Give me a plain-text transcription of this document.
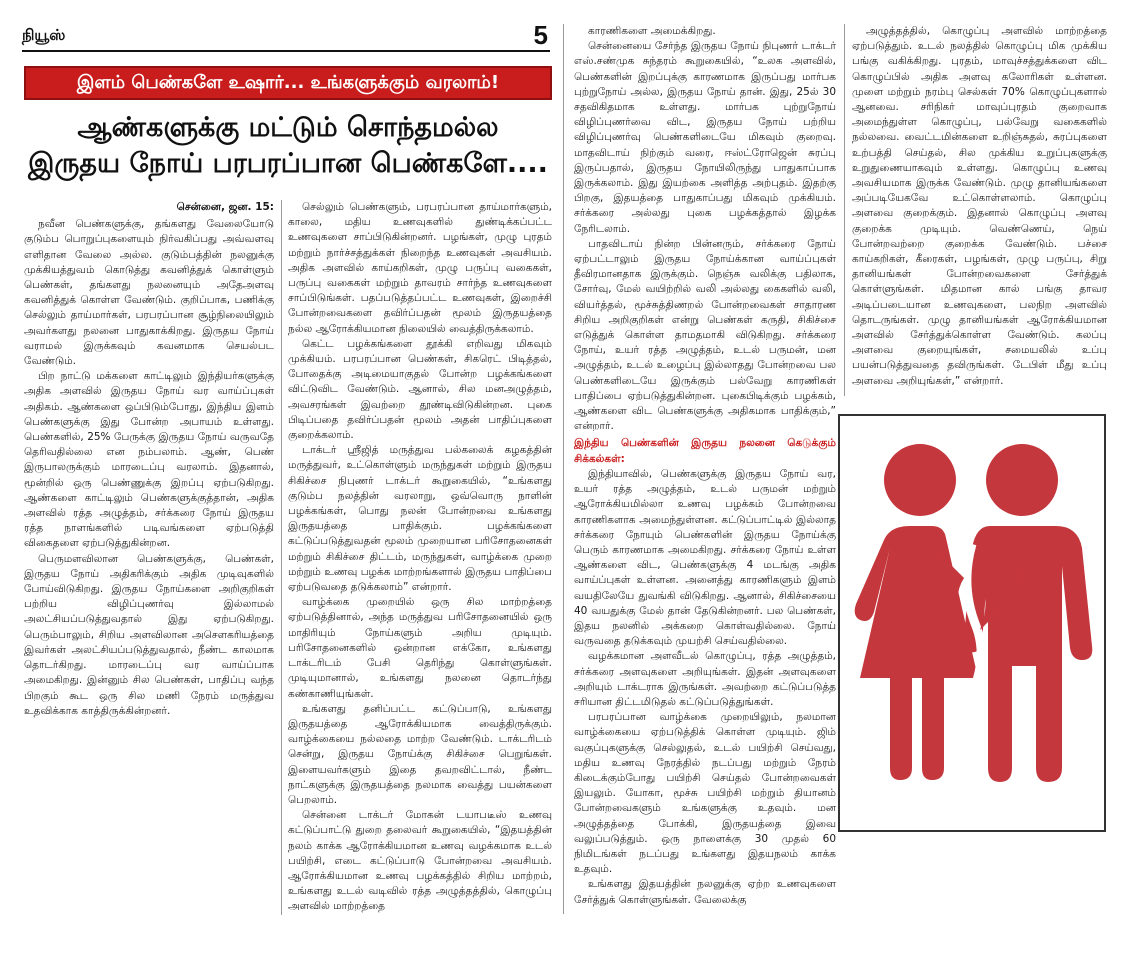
நியூஸ்	5
இளம் பெண்களே உஷார்... உங்களுக்கும் வரலாம்!
ஆண்களுக்கு மட்டும் சொந்தமல்ல
இருதய நோய் பரபரப்பான பெண்களே....
சென்னை, ஜன. 15:

நவீன பெண்களுக்கு, தங்களது வேலையோடு குடும்ப பொறுப்புகளையும் நிர்வகிப்பது அவ்வளவு எளிதான வேலை அல்ல. குடும்பத்தின் நலனுக்கு முக்கியத்துவம் கொடுத்து கவனித்துக் கொள்ளும் பெண்கள், தங்களது நலனையும் அதேஅளவு கவனித்துக் கொள்ள வேண்டும். குறிப்பாக, பணிக்கு செல்லும் தாய்மார்கள், பரபரப்பான சூழ்நிலையிலும் அவர்களது நலனை பாதுகாக்கிறது. இருதய நோய் வராமல் இருக்கவும் கவனமாக செயல்பட வேண்டும்.

பிற நாட்டு மக்களை காட்டிலும் இந்தியர்களுக்கு அதிக அளவில் இருதய நோய் வர வாய்ப்புகள் அதிகம். ஆண்களை ஒப்பிடும்போது, இந்திய இளம் பெண்களுக்கு இது போன்ற அபாயம் உள்ளது. பெண்களில், 25% பேருக்கு இருதய நோய் வருவதே தெரிவதில்லை என நம்பலாம். ஆண், பெண் இருபாலருக்கும் மாரடைப்பு வரலாம். இதனால், மூன்றில் ஒரு பெண்ணுக்கு இறப்பு ஏற்படுகிறது. ஆண்களை காட்டிலும் பெண்களுக்குத்தான், அதிக அளவில் ரத்த அழுத்தம், சர்க்கரை நோய் இருதய ரத்த நாளங்களில் படிவங்களை ஏற்படுத்தி விகைதளை ஏற்படுத்துகின்றன.

பெருமளவிலான பெண்களுக்கு, பெண்கள், இருதய நோய் அதிகரிக்கும் அதிக முடிவுகளில் போய்விடுகிறது. இருதய நோய்களை அறிகுறிகள் பற்றிய விழிப்புணர்வு இல்லாமல் அலட்சியப்படுத்துவதால் இது ஏற்படுகிறது. பெரும்பாலும், சிறிய அளவிலான அசௌகரியத்தை இவர்கள் அலட்சியப்படுத்துவதால், நீண்ட காலமாக தொடர்கிறது. மாரடைப்பு வர வாய்ப்பாக அமைகிறது. இன்னும் சில பெண்கள், பாதிப்பு வந்த பிறகும் கூட ஒரு சில மணி நேரம் மருத்துவ உதவிக்காக காத்திருக்கின்றனர்.

செல்லும் பெண்களும், பரபரப்பான தாய்மார்களும், காலை, மதிய உணவுகளில் துண்டிக்கப்பட்ட உணவுகளை சாப்பிடுகின்றனர். பழங்கள், முழு புரதம் மற்றும் நார்ச்சத்துக்கள் நிறைந்த உணவுகள் அவசியம். அதிக அளவில் காய்கறிகள், முழு பருப்பு வகைகள், பருப்பு வகைகள் மற்றும் தாவரம் சார்ந்த உணவுகளை சாப்பிடுங்கள். பதப்படுத்தப்பட்ட உணவுகள், இறைச்சி போன்றவைகளை தவிர்ப்பதன் மூலம் இருதயத்தை நல்ல ஆரோக்கியமான நிலையில் வைத்திருக்கலாம்.

கெட்ட பழக்கங்களை தூக்கி எறிவது மிகவும் முக்கியம். பரபரப்பான பெண்கள், சிகரெட் பிடித்தல், போதைக்கு அடிமையாகுதல் போன்ற பழக்கங்களை விட்டுவிட வேண்டும். ஆனால், சில மனஅழுத்தம், அவசரங்கள் இவற்றை தூண்டிவிடுகின்றன. புகை பிடிப்பதை தவிர்ப்பதன் மூலம் அதன் பாதிப்புகளை குறைக்கலாம்.

டாக்டர் ஸ்ரீஜித் மருத்துவ பல்கலைக் கழகத்தின் மருத்துவர், உட்கொள்ளும் மருந்துகள் மற்றும் இருதய சிகிச்சை நிபுணர் டாக்டர் கூறுகையில், “உங்களது குடும்ப நலத்தின் வரலாறு, ஒவ்வொரு நாளின் பழக்கங்கள், பொது நலன் போன்றவை உங்களது இருதயத்தை பாதிக்கும். பழக்கங்களை கட்டுப்படுத்துவதன் மூலம் முறையான பரிசோதனைகள் மற்றும் சிகிச்சை திட்டம், மருந்துகள், வாழ்க்கை முறை மற்றும் உணவு பழக்க மாற்றங்களால் இருதய பாதிப்பை ஏற்படுவதை தடுக்கலாம்” என்றார்.

வாழ்க்கை முறையில் ஒரு சில மாற்றத்தை ஏற்படுத்தினால், அந்த மருத்துவ பரிசோதனையில் ஒரு மாதிரியும் நோய்களும் அறிய முடியும். பரிசோதனைகளில் ஒன்றான எக்கோ, உங்களது டாக்டரிடம் பேசி தெரிந்து கொள்ளுங்கள். முடியுமானால், உங்களது நலனை தொடர்ந்து கண்காணியுங்கள்.

உங்களது தனிப்பட்ட கட்டுப்பாடு, உங்களது இருதயத்தை ஆரோக்கியமாக வைத்திருக்கும். வாழ்க்கையை நல்லதை மாற்ற வேண்டும். டாக்டரிடம் சென்று, இருதய நோய்க்கு சிகிச்சை பெறுங்கள். இளையவர்களும் இதை தவறவிட்டால், நீண்ட நாட்களுக்கு இருதயத்தை நலமாக வைத்து பயன்களை பெறலாம்.

சென்னை டாக்டர் மோகன் டயாபடீஸ் உணவு கட்டுப்பாட்டு துறை தலைவர் கூறுகையில், “இதயத்தின் நலம் காக்க ஆரோக்கியமான உணவு வழக்கமாக உடல் பயிற்சி, எடை கட்டுப்பாடு போன்றவை அவசியம். ஆரோக்கியமான உணவு பழக்கத்தில் சிறிய மாற்றம், உங்களது உடல் வடிவில் ரத்த அழுத்தத்தில், கொழுப்பு அளவில் மாற்றத்தை

காரணிகளை அமைக்கிறது.

சென்னையை சேர்ந்த இருதய நோய் நிபுணர் டாக்டர் எஸ்.சண்முக சுந்தரம் கூறுகையில், “உலக அளவில், பெண்களின் இறப்புக்கு காரணமாக இருப்பது மார்பக புற்றுநோய் அல்ல, இருதய நோய் தான். இது, 25ல் 30 சதவிகிதமாக உள்ளது. மார்பக புற்றுநோய் விழிப்புணர்வை விட, இருதய நோய் பற்றிய விழிப்புணர்வு பெண்களிடையே மிகவும் குறைவு. மாதவிடாய் நிற்கும் வரை, ஈஸ்ட்ரோஜென் சுரப்பு இருப்பதால், இருதய நோயிலிருந்து பாதுகாப்பாக இருக்கலாம். இது இயற்கை அளித்த அற்புதம். இதற்கு பிறகு, இதயத்தை பாதுகாப்பது மிகவும் முக்கியம். சர்க்கரை அல்லது புகை பழக்கத்தால் இழக்க நேரிடலாம்.

பாதவிடாய் நின்ற பின்னரும், சர்க்கரை நோய் ஏற்பட்டாலும் இருதய நோய்க்கான வாய்ப்புகள் தீவிரமானதாக இருக்கும். நெஞ்சு வலிக்கு பதிலாக, சோர்வு, மேல் வயிற்றில் வலி அல்லது கைகளில் வலி, வியர்த்தல், மூச்சுத்திணறல் போன்றவைகள் சாதாரண சிறிய அறிகுறிகள் என்று பெண்கள் கருதி, சிகிச்சை எடுத்துக் கொள்ள தாமதமாகி விடுகிறது. சர்க்கரை நோய், உயர் ரத்த அழுத்தம், உடல் பருமன், மன அழுத்தம், உடல் உழைப்பு இல்லாதது போன்றவை பல பெண்களிடையே இருக்கும் பல்வேறு காரணிகள் பாதிப்பை ஏற்படுத்துகின்றன. புகைபிடிக்கும் பழக்கம், ஆண்களை விட பெண்களுக்கு அதிகமாக பாதிக்கும்,” என்றார்.

இந்திய பெண்களின் இருதய நலனை கெடுக்கும் சிக்கல்கள்:

இந்தியாவில், பெண்களுக்கு இருதய நோய் வர, உயர் ரத்த அழுத்தம், உடல் பருமன் மற்றும் ஆரோக்கியமில்லா உணவு பழக்கம் போன்றவை காரணிகளாக அமைந்துள்ளன. கட்டுப்பாட்டில் இல்லாத சர்க்கரை நோயும் பெண்களின் இருதய நோய்க்கு பெரும் காரணமாக அமைகிறது. சர்க்கரை நோய் உள்ள ஆண்களை விட, பெண்களுக்கு 4 மடங்கு அதிக வாய்ப்புகள் உள்ளன. அனைத்து காரணிகளும் இளம் வயதிலேயே துவங்கி விடுகிறது. ஆனால், சிகிச்சையை 40 வயதுக்கு மேல் தான் தேடுகின்றனர். பல பெண்கள், இதய நலனில் அக்கறை கொள்வதில்லை. நோய் வருவதை தடுக்கவும் முயற்சி செய்வதில்லை.

வழக்கமான அளவீடல் கொழுப்பு, ரத்த அழுத்தம், சர்க்கரை அளவுகளை அறியுங்கள். இதன் அளவுகளை அறியும் டாக்டராக இருங்கள். அவற்றை கட்டுப்படுத்த சரியான திட்டமிடுதல் கட்டுப்படுத்துங்கள்.

பரபரப்பான வாழ்க்கை முறையிலும், நலமான வாழ்க்கையை ஏற்படுத்திக் கொள்ள முடியும். ஜிம் வகுப்புகளுக்கு செல்லுதல், உடல் பயிற்சி செய்வது, மதிய உணவு நேரத்தில் நடப்பது மற்றும் நேரம் கிடைக்கும்போது பயிற்சி செய்தல் போன்றவைகள் இயலும். யோகா, மூச்சு பயிற்சி மற்றும் தியானம் போன்றவைகளும் உங்களுக்கு உதவும். மன அழுத்தத்தை போக்கி, இருதயத்தை இவை வலுப்படுத்தும். ஒரு நாளைக்கு 30 முதல் 60 நிமிடங்கள் நடப்பது உங்களது இதயநலம் காக்க உதவும்.

உங்களது இதயத்தின் நலனுக்கு ஏற்ற உணவுகளை சேர்த்துக் கொள்ளுங்கள். வேலைக்கு

அழுத்தத்தில், கொழுப்பு அளவில் மாற்றத்தை ஏற்படுத்தும். உடல் நலத்தில் கொழுப்பு மிக முக்கிய பங்கு வகிக்கிறது. புரதம், மாவுச்சத்துக்களை விட கொழுப்பில் அதிக அளவு கலோரிகள் உள்ளன. முளை மற்றும் நரம்பு செல்கள் 70% கொழுப்புகளால் ஆனவை. சரிநிகர் மாவுப்புரதம் குறைவாக அமைந்துள்ள கொழுப்பு, பல்வேறு வகைகளில் நல்லவை. வைட்டமின்களை உறிஞ்சுதல், சுரப்புகளை உற்பத்தி செய்தல், சில முக்கிய உறுப்புகளுக்கு உறுதுணையாகவும் உள்ளது. கொழுப்பு உணவு அவசியமாக இருக்க வேண்டும். முழு தானியங்களை அப்படியேகவே உட்கொள்ளலாம். கொழுப்பு அளவை குறைக்கும். இதனால் கொழுப்பு அளவு குறைக்க முடியும். வெண்ணெய், நெய் போன்றவற்றை குறைக்க வேண்டும். பச்சை காய்கறிகள், கீரைகள், பழங்கள், முழு பருப்பு, சிறு தானியங்கள் போன்றவைகளை சேர்த்துக் கொள்ளுங்கள். மிதமான கால் பங்கு தாவர அடிப்படையான உணவுகளை, பலநிற அளவில் தொடருங்கள். முழு தானியங்கள் ஆரோக்கியமான அளவில் சேர்த்துக்கொள்ள வேண்டும். கலப்பு அளவை குறையுங்கள், சமையலில் உப்பு பயன்படுத்துவதை தவிருங்கள். டேபிள் மீது உப்பு அளவை அறியுங்கள்,” என்றார்.
